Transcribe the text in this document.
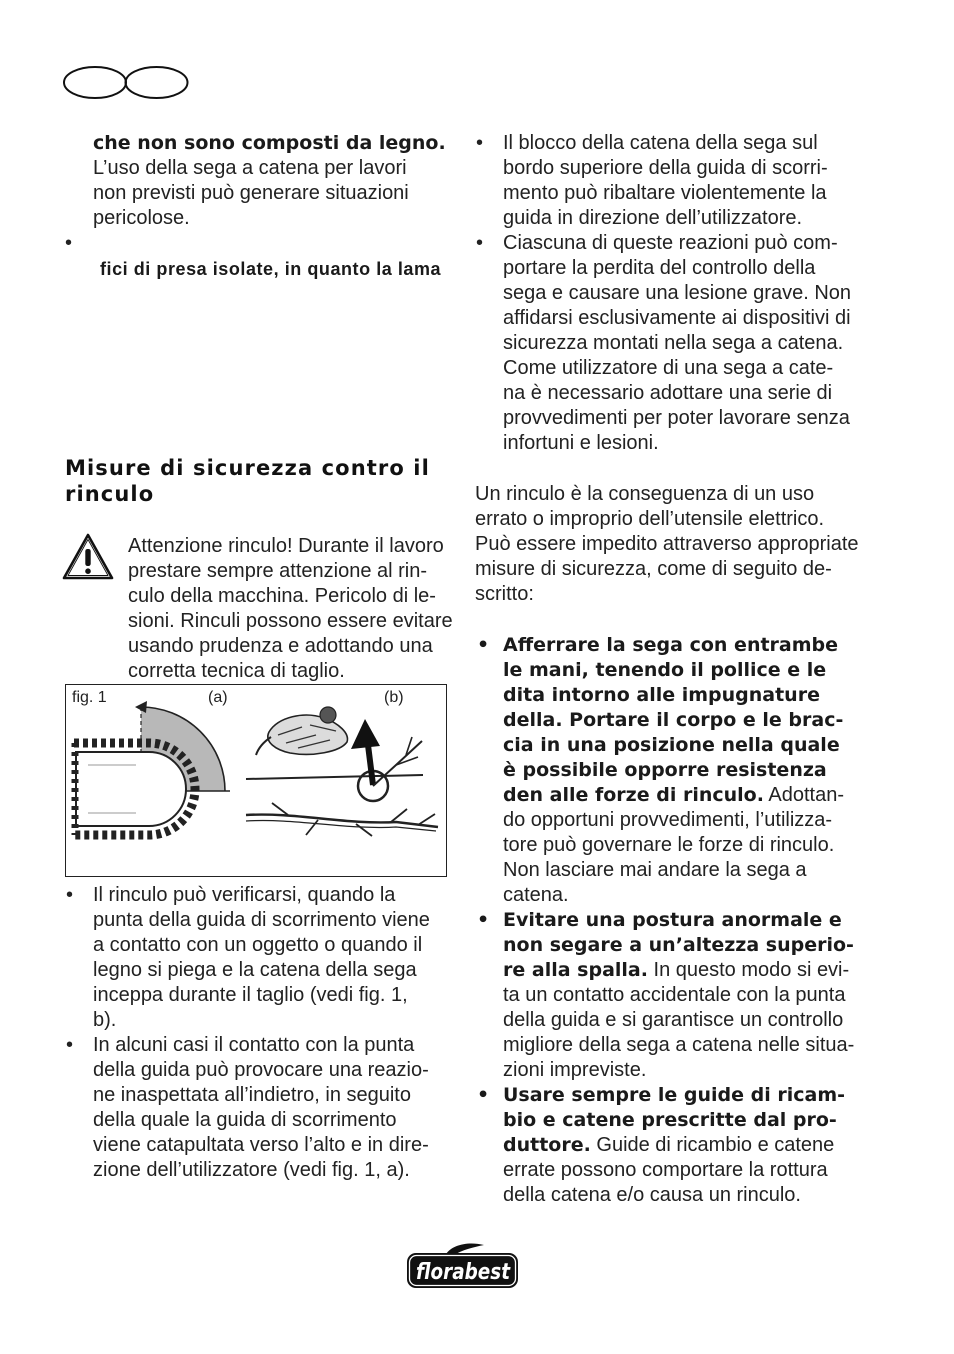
che non sono composti da legno.
L’uso della sega a catena per lavori
non previsti può generare situazioni
pericolose.
•
fici di presa isolate, in quanto la lama
Misure di sicurezza contro il
rinculo
Attenzione rinculo! Durante il lavoro
prestare sempre attenzione al rin-
culo della macchina. Pericolo di le-
sioni. Rinculi possono essere evitare
usando prudenza e adottando una
corretta tecnica di taglio.
fig. 1	(a)	(b)
• Il rinculo può verificarsi, quando la
punta della guida di scorrimento viene
a contatto con un oggetto o quando il
legno si piega e la catena della sega
inceppa durante il taglio (vedi fig. 1,
b).
• In alcuni casi il contatto con la punta
della guida può provocare una reazio-
ne inaspettata all’indietro, in seguito
della quale la guida di scorrimento
viene catapultata verso l’alto e in dire-
zione dell’utilizzatore (vedi fig. 1, a).
• Il blocco della catena della sega sul
bordo superiore della guida di scorri-
mento può ribaltare violentemente la
guida in direzione dell’utilizzatore.
• Ciascuna di queste reazioni può com-
portare la perdita del controllo della
sega e causare una lesione grave. Non
affidarsi esclusivamente ai dispositivi di
sicurezza montati nella sega a catena.
Come utilizzatore di una sega a cate-
na è necessario adottare una serie di
provvedimenti per poter lavorare senza
infortuni e lesioni.
Un rinculo è la conseguenza di un uso
errato o improprio dell’utensile elettrico.
Può essere impedito attraverso appropriate
misure di sicurezza, come di seguito de-
scritto:
• Afferrare la sega con entrambe
le mani, tenendo il pollice e le
dita intorno alle impugnature
della. Portare il corpo e le brac-
cia in una posizione nella quale
è possibile opporre resistenza
den alle forze di rinculo. Adottan-
do opportuni provvedimenti, l’utilizza-
tore può governare le forze di rinculo.
Non lasciare mai andare la sega a
catena.
• Evitare una postura anormale e
non segare a un’altezza superio-
re alla spalla. In questo modo si evi-
ta un contatto accidentale con la punta
della guida e si garantisce un controllo
migliore della sega a catena nelle situa-
zioni impreviste.
• Usare sempre le guide di ricam-
bio e catene prescritte dal pro-
duttore. Guide di ricambio e catene
errate possono comportare la rottura
della catena e/o causa un rinculo.
florabest
